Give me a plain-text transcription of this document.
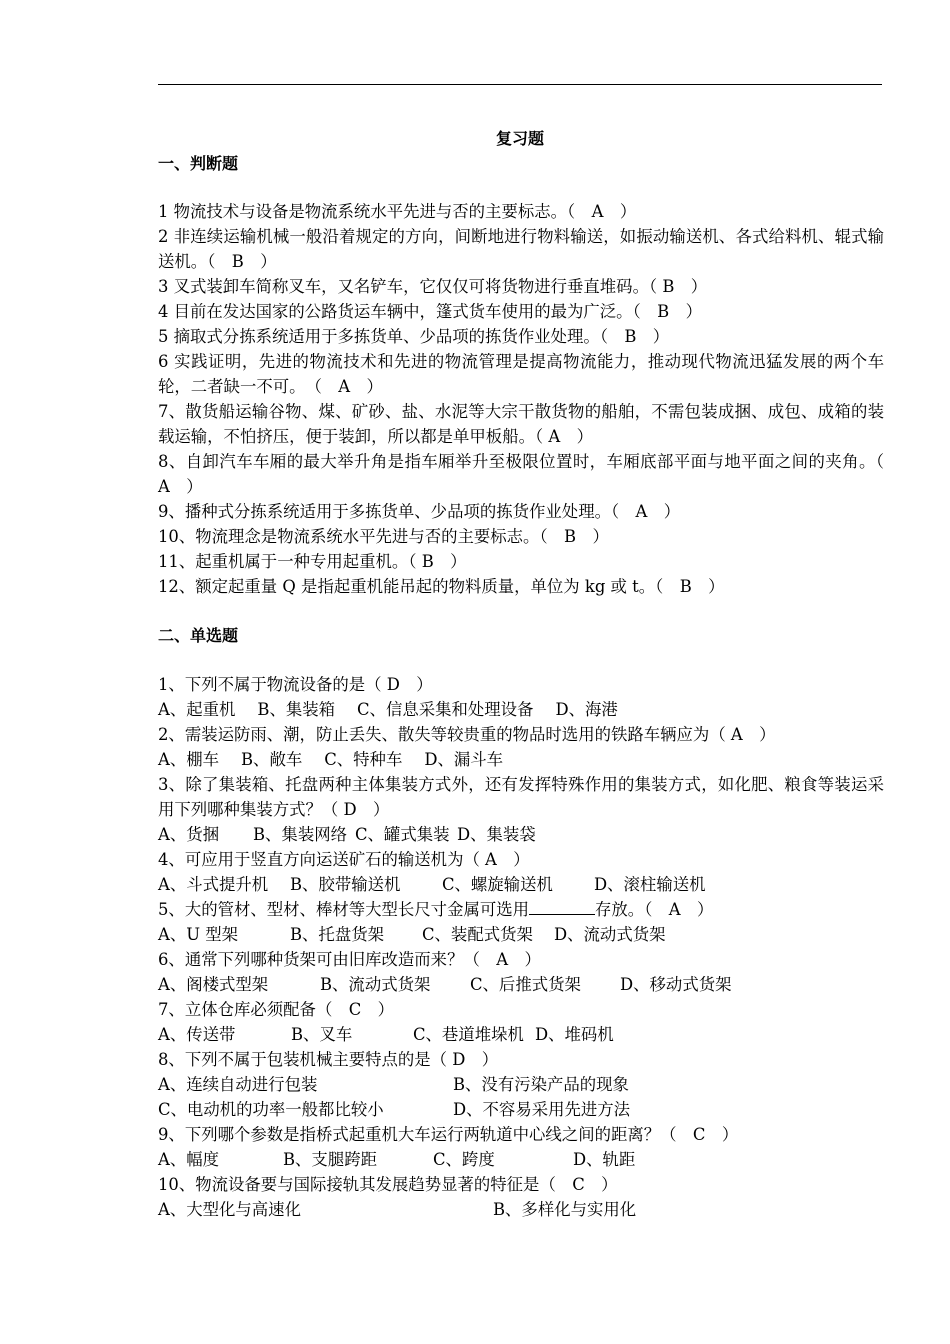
复习题
一、判断题
1 物流技术与设备是物流系统水平先进与否的主要标志。（　A　）
2 非连续运输机械一般沿着规定的方向，间断地进行物料输送，如振动输送机、各式给料机、辊式输送机。（　B　）
3 叉式装卸车简称叉车，又名铲车，它仅仅可将货物进行垂直堆码。（ B　）
4 目前在发达国家的公路货运车辆中，篷式货车使用的最为广泛。（　B　）
5 摘取式分拣系统适用于多拣货单、少品项的拣货作业处理。（　B　）
6 实践证明，先进的物流技术和先进的物流管理是提高物流能力，推动现代物流迅猛发展的两个车轮，二者缺一不可。　（　A　）
7、散货船运输谷物、煤、矿砂、盐、水泥等大宗干散货物的船舶，不需包装成捆、成包、成箱的装载运输，不怕挤压，便于装卸，所以都是单甲板船。（ A　）
8、自卸汽车车厢的最大举升角是指车厢举升至极限位置时，车厢底部平面与地平面之间的夹角。（　A　）
9、播种式分拣系统适用于多拣货单、少品项的拣货作业处理。（　A　）
10、物流理念是物流系统水平先进与否的主要标志。（　B　）
11、起重机属于一种专用起重机。（ B　）
12、额定起重量 Q 是指起重机能吊起的物料质量，单位为 kg 或 t。（　B　）
二、单选题
1、下列不属于物流设备的是（ D　）
A、起重机 B、集装箱 C、信息采集和处理设备 D、海港
2、需装运防雨、潮，防止丢失、散失等较贵重的物品时选用的铁路车辆应为（ A　）
A、棚车 B、敞车 C、特种车 D、漏斗车
3、除了集装箱、托盘两种主体集装方式外，还有发挥特殊作用的集装方式，如化肥、粮食等装运采用下列哪种集装方式？（ D　）
A、货捆	B、集装网络 C、罐式集装 D、集装袋
4、可应用于竖直方向运送矿石的输送机为（ A　）
A、斗式提升机	B、胶带输送机	C、螺旋输送机	D、滚柱输送机
5、大的管材、型材、棒材等大型长尺寸金属可选用	存放。（　A　）
A、U 型架	B、托盘货架	C、装配式货架	D、流动式货架
6、通常下列哪种货架可由旧库改造而来？（　A　）
A、阁楼式型架	B、流动式货架	C、后推式货架	D、移动式货架
7、立体仓库必须配备（　C　）
A、传送带	B、叉车	C、巷道堆垛机 D、堆码机
8、下列不属于包装机械主要特点的是（ D　）
A、连续自动进行包装	B、没有污染产品的现象
C、电动机的功率一般都比较小	D、不容易采用先进方法
9、下列哪个参数是指桥式起重机大车运行两轨道中心线之间的距离？（　C　）
A、幅度	B、支腿跨距	C、跨度	D、轨距
10、物流设备要与国际接轨其发展趋势显著的特征是（　C　）
A、大型化与高速化	B、多样化与实用化
